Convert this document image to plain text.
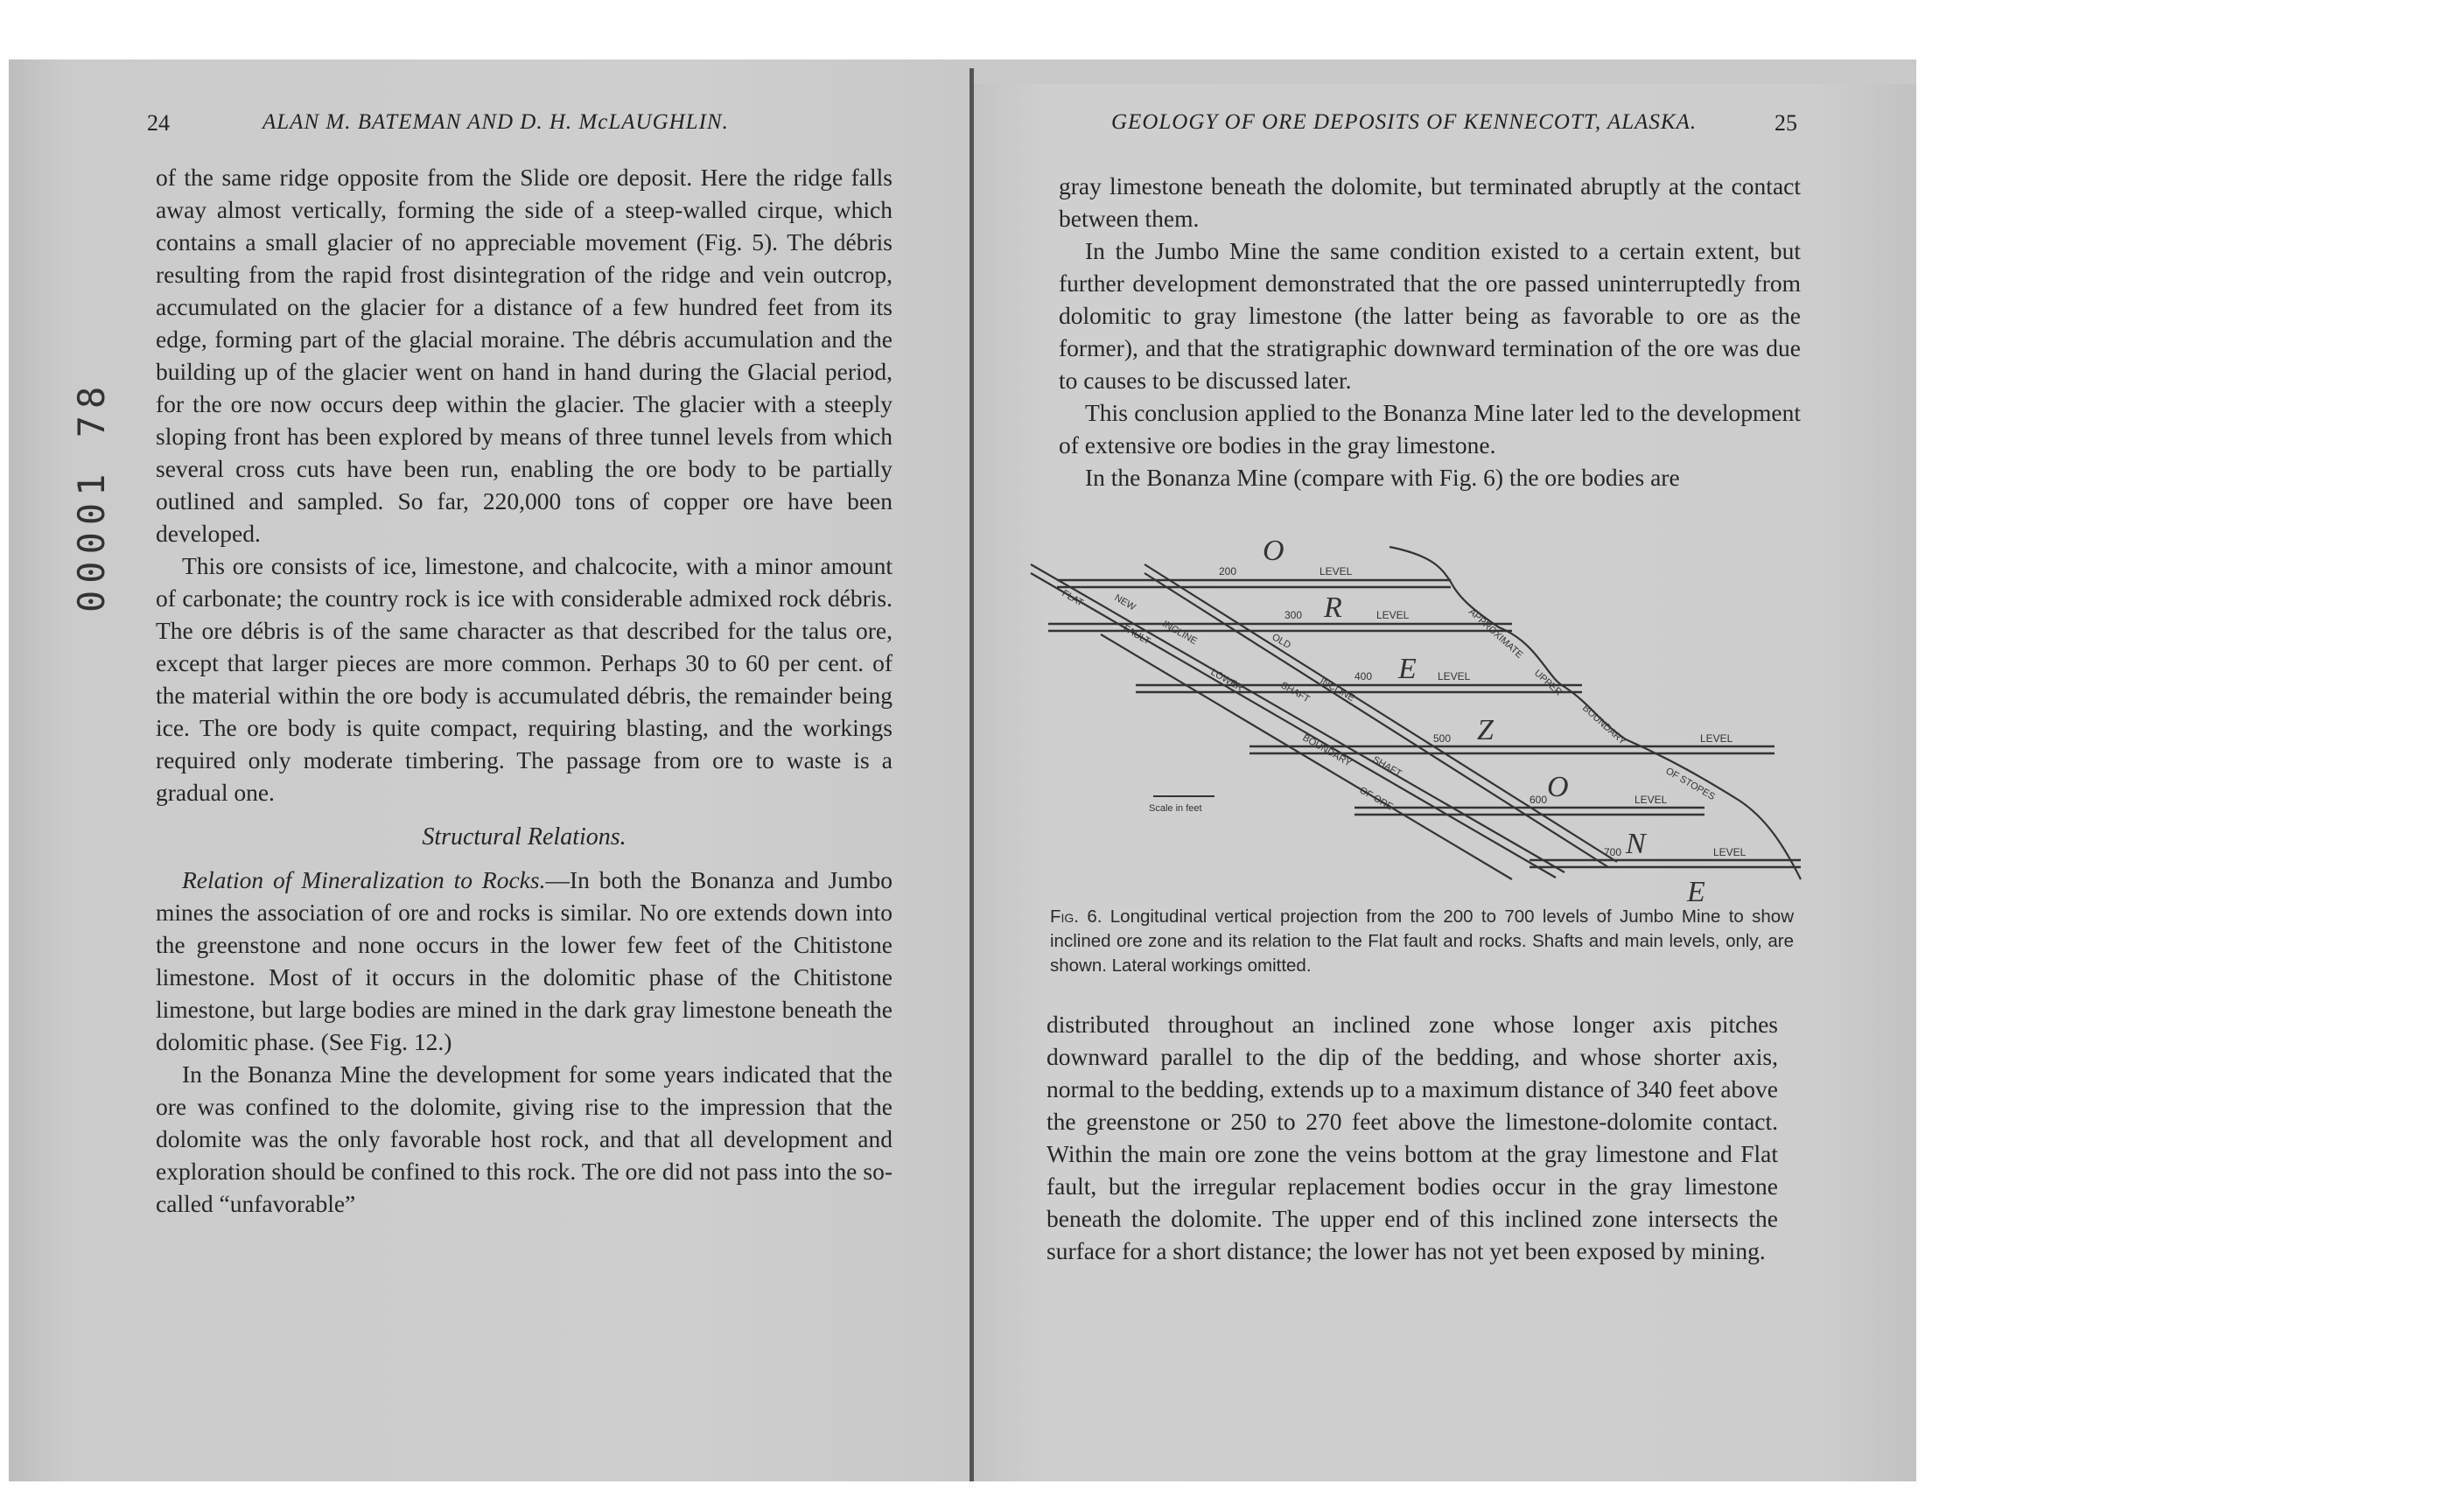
00001 78
24	ALAN M. BATEMAN AND D. H. McLAUGHLIN.

of the same ridge opposite from the Slide ore deposit. Here the ridge falls away almost vertically, forming the side of a steep-walled cirque, which contains a small glacier of no appreciable movement (Fig. 5). The débris resulting from the rapid frost disintegration of the ridge and vein outcrop, accumulated on the glacier for a distance of a few hundred feet from its edge, forming part of the glacial moraine. The débris accumulation and the building up of the glacier went on hand in hand during the Glacial period, for the ore now occurs deep within the glacier. The glacier with a steeply sloping front has been explored by means of three tunnel levels from which several cross cuts have been run, enabling the ore body to be partially outlined and sampled. So far, 220,000 tons of copper ore have been developed.

This ore consists of ice, limestone, and chalcocite, with a minor amount of carbonate; the country rock is ice with considerable admixed rock débris. The ore débris is of the same character as that described for the talus ore, except that larger pieces are more common. Perhaps 30 to 60 per cent. of the material within the ore body is accumulated débris, the remainder being ice. The ore body is quite compact, requiring blasting, and the workings required only moderate timbering. The passage from ore to waste is a gradual one.

Structural Relations.

Relation of Mineralization to Rocks.—In both the Bonanza and Jumbo mines the association of ore and rocks is similar. No ore extends down into the greenstone and none occurs in the lower few feet of the Chitistone limestone. Most of it occurs in the dolomitic phase of the Chitistone limestone, but large bodies are mined in the dark gray limestone beneath the dolomitic phase. (See Fig. 12.)

In the Bonanza Mine the development for some years indicated that the ore was confined to the dolomite, giving rise to the impression that the dolomite was the only favorable host rock, and that all development and exploration should be confined to this rock. The ore did not pass into the so-called “unfavorable”

GEOLOGY OF ORE DEPOSITS OF KENNECOTT, ALASKA.	25

gray limestone beneath the dolomite, but terminated abruptly at the contact between them.

In the Jumbo Mine the same condition existed to a certain extent, but further development demonstrated that the ore passed uninterruptedly from dolomitic to gray limestone (the latter being as favorable to ore as the former), and that the stratigraphic downward termination of the ore was due to causes to be discussed later.

This conclusion applied to the Bonanza Mine later led to the development of extensive ore bodies in the gray limestone.

In the Bonanza Mine (compare with Fig. 6) the ore bodies are

O
R
E
Z
O
N
E
200	LEVEL
300	LEVEL
400	LEVEL
500	LEVEL
600	LEVEL
700	LEVEL
FLAT
FAULT
NEW
INCLINE	OLD
SHAFT INCLINE
SHAFT
LOWER
BOUNDARY
OF ORE
APPROXIMATE
UPPER
BOUNDARY
OF STOPES
Scale in feet
Fig. 6. Longitudinal vertical projection from the 200 to 700 levels of Jumbo Mine to show inclined ore zone and its relation to the Flat fault and rocks. Shafts and main levels, only, are shown. Lateral workings omitted.

distributed throughout an inclined zone whose longer axis pitches downward parallel to the dip of the bedding, and whose shorter axis, normal to the bedding, extends up to a maximum distance of 340 feet above the greenstone or 250 to 270 feet above the limestone-dolomite contact. Within the main ore zone the veins bottom at the gray limestone and Flat fault, but the irregular replacement bodies occur in the gray limestone beneath the dolomite. The upper end of this inclined zone intersects the surface for a short distance; the lower has not yet been exposed by mining.
